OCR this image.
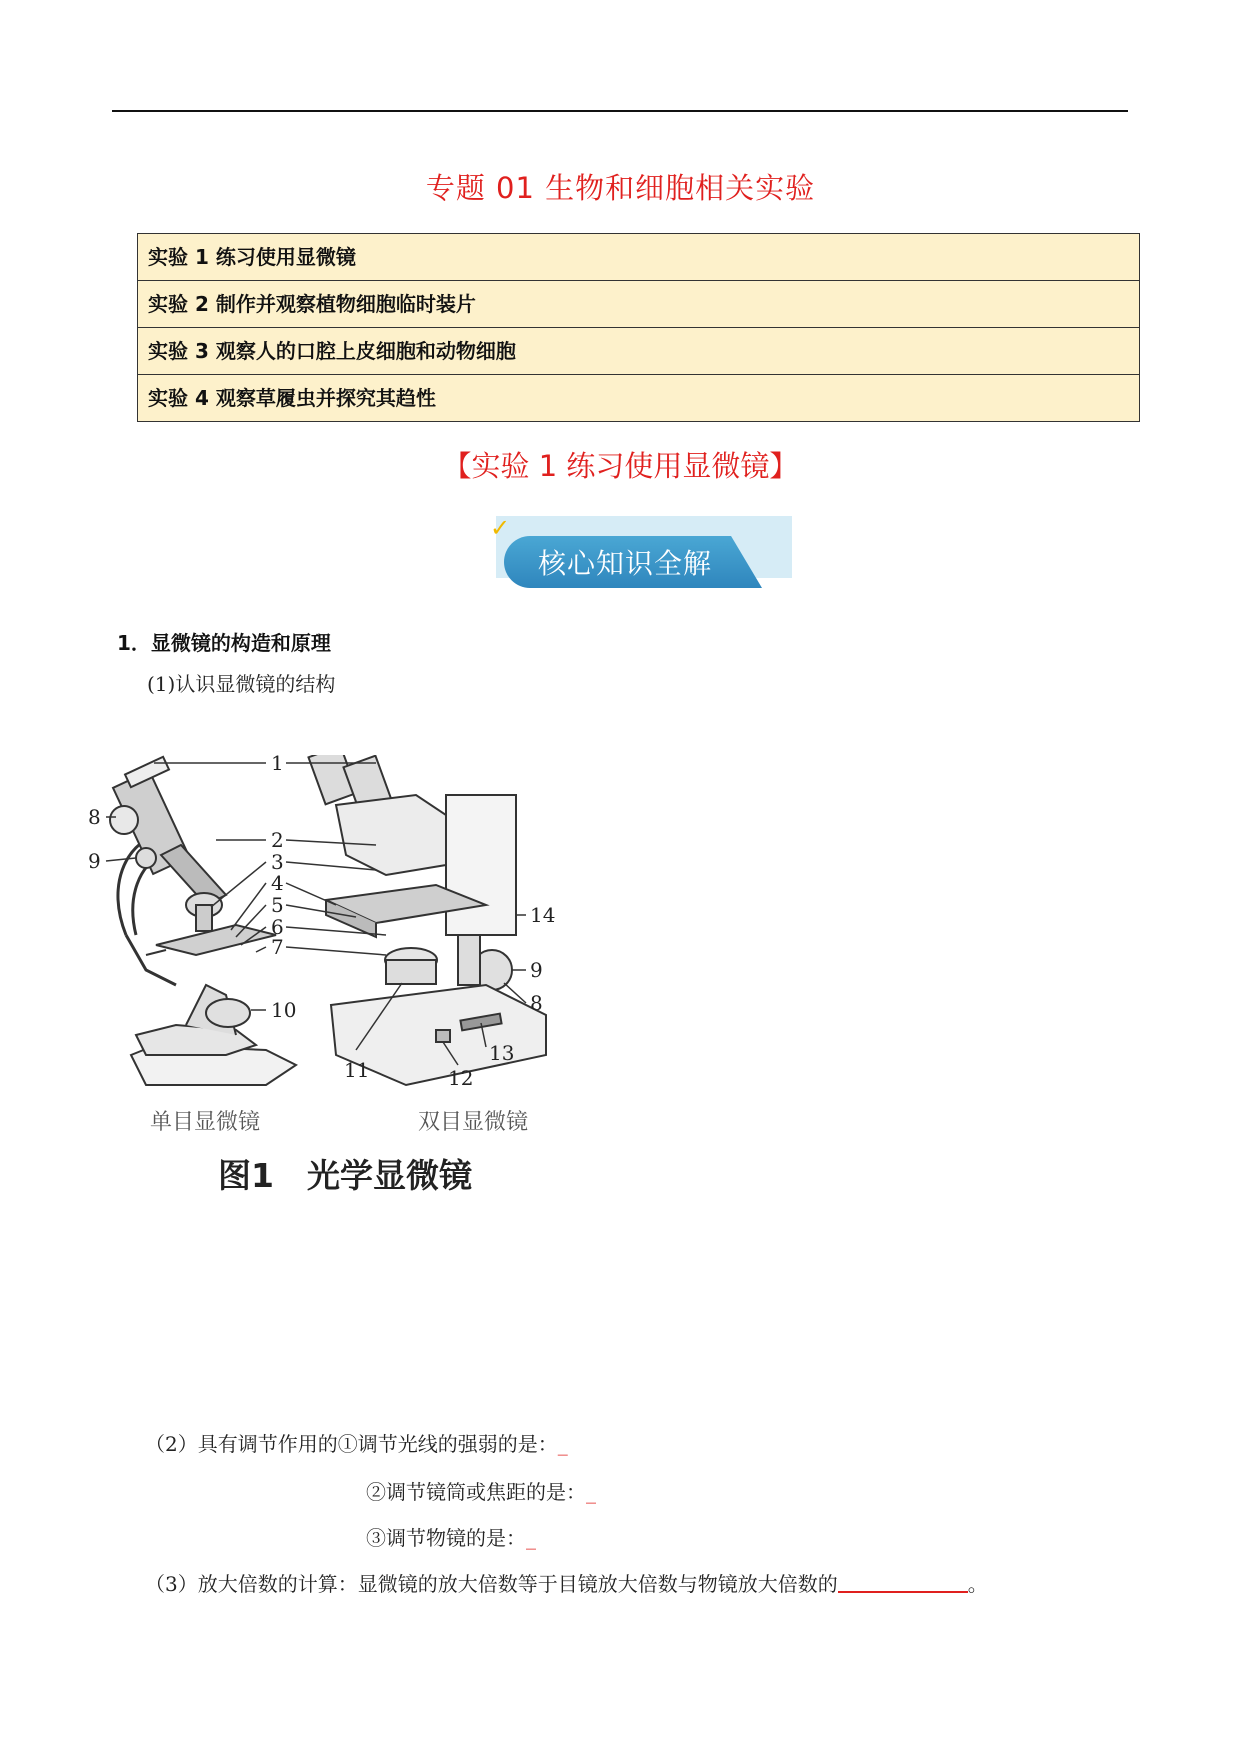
专题 01 生物和细胞相关实验
实验 1 练习使用显微镜
实验 2 制作并观察植物细胞临时装片
实验 3 观察人的口腔上皮细胞和动物细胞
实验 4 观察草履虫并探究其趋性
【实验 1 练习使用显微镜】
✓
核心知识全解
1．显微镜的构造和原理
(1)认识显微镜的结构
1
2
3
4
5
6
7
8
9
10
14
9
8
13
12
11
单目显微镜	双目显微镜
图1　光学显微镜
（2）具有调节作用的①调节光线的强弱的是：_
②调节镜筒或焦距的是：_
③调节物镜的是：_
（3）放大倍数的计算：显微镜的放大倍数等于目镜放大倍数与物镜放大倍数的	。
